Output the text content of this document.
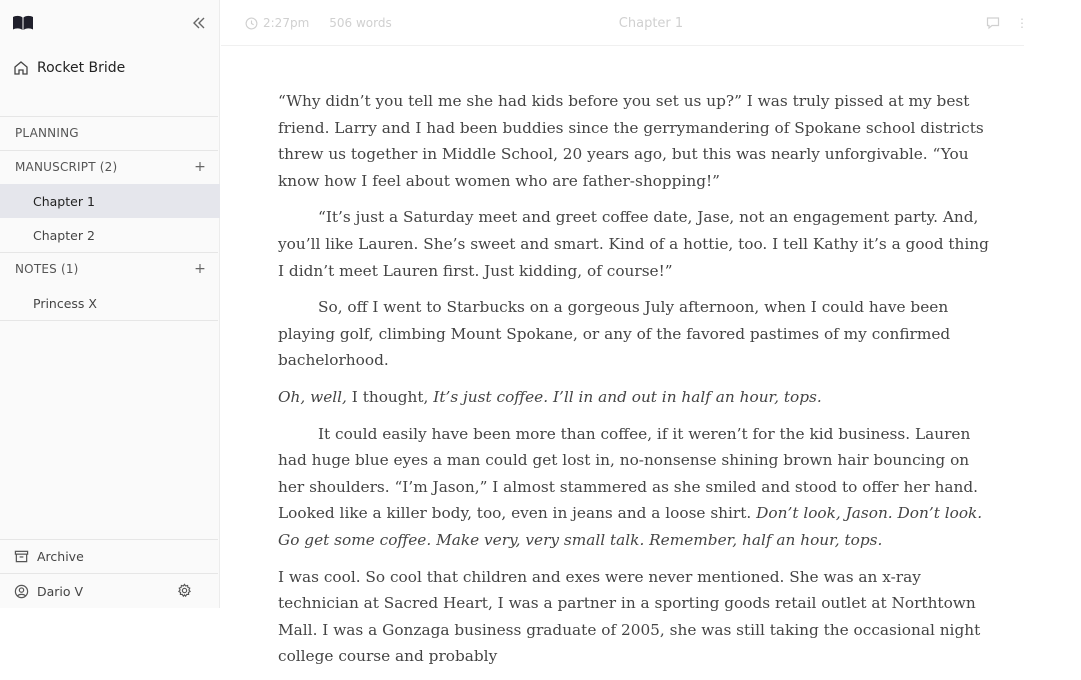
Rocket Bride
PLANNING
MANUSCRIPT (2)	+
Chapter 1
Chapter 2
NOTES (1)	+
Princess X
Archive
Dario V
2:27pm 506 words	Chapter 1	⋮

“Why didn’t you tell me she had kids before you set us up?” I was truly pissed at my best friend. Larry and I had been buddies since the gerrymandering of Spokane school districts threw us together in Middle School, 20 years ago, but this was nearly unforgivable. “You know how I feel about women who are father-shopping!”

“It’s just a Saturday meet and greet coffee date, Jase, not an engagement party. And, you’ll like Lauren. She’s sweet and smart. Kind of a hottie, too. I tell Kathy it’s a good thing I didn’t meet Lauren first. Just kidding, of course!”

So, off I went to Starbucks on a gorgeous July afternoon, when I could have been playing golf, climbing Mount Spokane, or any of the favored pastimes of my confirmed bachelorhood.

Oh, well, I thought, It’s just coffee. I’ll in and out in half an hour, tops.

It could easily have been more than coffee, if it weren’t for the kid business. Lauren had huge blue eyes a man could get lost in, no-nonsense shining brown hair bouncing on her shoulders. “I’m Jason,” I almost stammered as she smiled and stood to offer her hand. Looked like a killer body, too, even in jeans and a loose shirt. Don’t look, Jason. Don’t look. Go get some coffee. Make very, very small talk. Remember, half an hour, tops.

I was cool. So cool that children and exes were never mentioned. She was an x-ray technician at Sacred Heart, I was a partner in a sporting goods retail outlet at Northtown Mall. I was a Gonzaga business graduate of 2005, she was still taking the occasional night college course and probably
